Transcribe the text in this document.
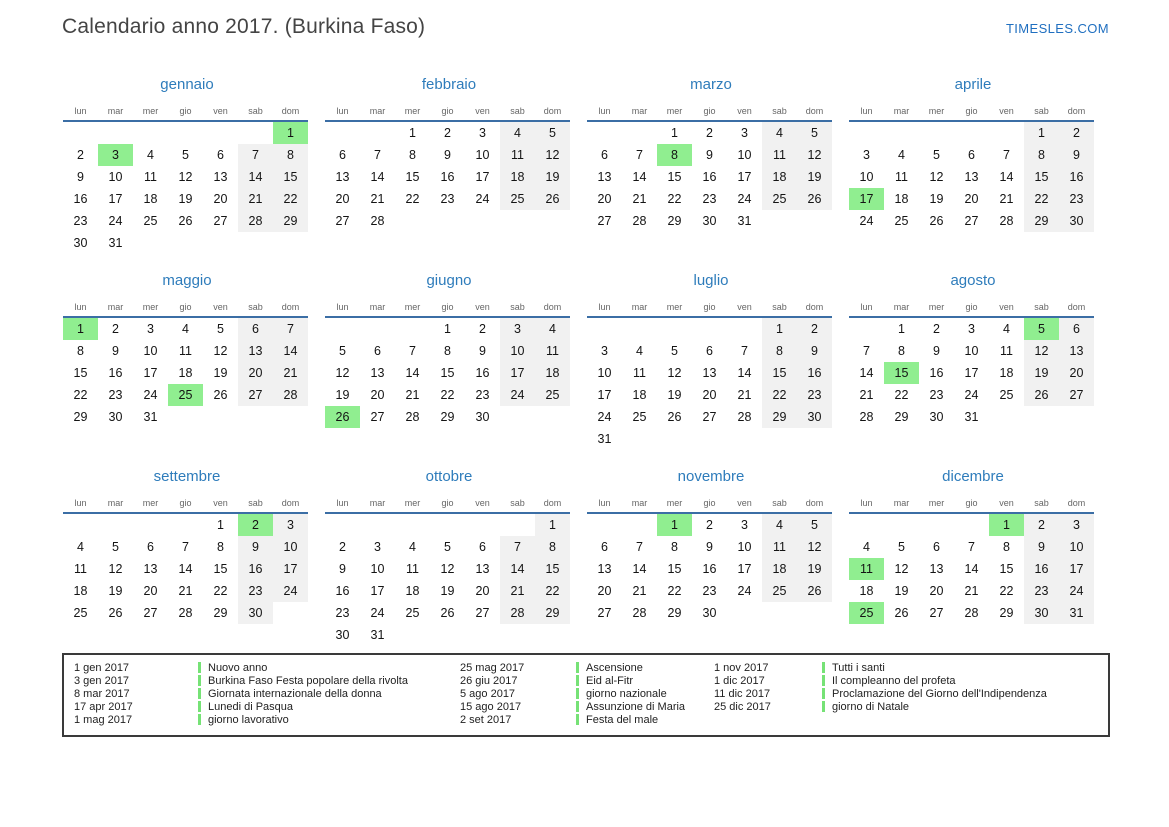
Calendario anno 2017. (Burkina Faso)	TIMESLES.COM
gennaio
lun	mar	mer	gio	ven	sab	dom
						1
2	3	4	5	6	7	8
9	10	11	12	13	14	15
16	17	18	19	20	21	22
23	24	25	26	27	28	29
30	31					
febbraio
lun	mar	mer	gio	ven	sab	dom
		1	2	3	4	5
6	7	8	9	10	11	12
13	14	15	16	17	18	19
20	21	22	23	24	25	26
27	28					
marzo
lun	mar	mer	gio	ven	sab	dom
		1	2	3	4	5
6	7	8	9	10	11	12
13	14	15	16	17	18	19
20	21	22	23	24	25	26
27	28	29	30	31		
aprile
lun	mar	mer	gio	ven	sab	dom
					1	2
3	4	5	6	7	8	9
10	11	12	13	14	15	16
17	18	19	20	21	22	23
24	25	26	27	28	29	30
maggio
lun	mar	mer	gio	ven	sab	dom
1	2	3	4	5	6	7
8	9	10	11	12	13	14
15	16	17	18	19	20	21
22	23	24	25	26	27	28
29	30	31				
giugno
lun	mar	mer	gio	ven	sab	dom
			1	2	3	4
5	6	7	8	9	10	11
12	13	14	15	16	17	18
19	20	21	22	23	24	25
26	27	28	29	30		
luglio
lun	mar	mer	gio	ven	sab	dom
					1	2
3	4	5	6	7	8	9
10	11	12	13	14	15	16
17	18	19	20	21	22	23
24	25	26	27	28	29	30
31						
agosto
lun	mar	mer	gio	ven	sab	dom
	1	2	3	4	5	6
7	8	9	10	11	12	13
14	15	16	17	18	19	20
21	22	23	24	25	26	27
28	29	30	31			
settembre
lun	mar	mer	gio	ven	sab	dom
				1	2	3
4	5	6	7	8	9	10
11	12	13	14	15	16	17
18	19	20	21	22	23	24
25	26	27	28	29	30	
ottobre
lun	mar	mer	gio	ven	sab	dom
						1
2	3	4	5	6	7	8
9	10	11	12	13	14	15
16	17	18	19	20	21	22
23	24	25	26	27	28	29
30	31					
novembre
lun	mar	mer	gio	ven	sab	dom
		1	2	3	4	5
6	7	8	9	10	11	12
13	14	15	16	17	18	19
20	21	22	23	24	25	26
27	28	29	30			
dicembre
lun	mar	mer	gio	ven	sab	dom
				1	2	3
4	5	6	7	8	9	10
11	12	13	14	15	16	17
18	19	20	21	22	23	24
25	26	27	28	29	30	31
1 gen 2017	Nuovo anno
3 gen 2017	Burkina Faso Festa popolare della rivolta
8 mar 2017	Giornata internazionale della donna
17 apr 2017	Lunedi di Pasqua
1 mag 2017	giorno lavorativo
25 mag 2017	Ascensione
26 giu 2017	Eid al-Fitr
5 ago 2017	giorno nazionale
15 ago 2017	Assunzione di Maria
2 set 2017	Festa del male
1 nov 2017	Tutti i santi
1 dic 2017	Il compleanno del profeta
11 dic 2017	Proclamazione del Giorno dell'Indipendenza
25 dic 2017	giorno di Natale
